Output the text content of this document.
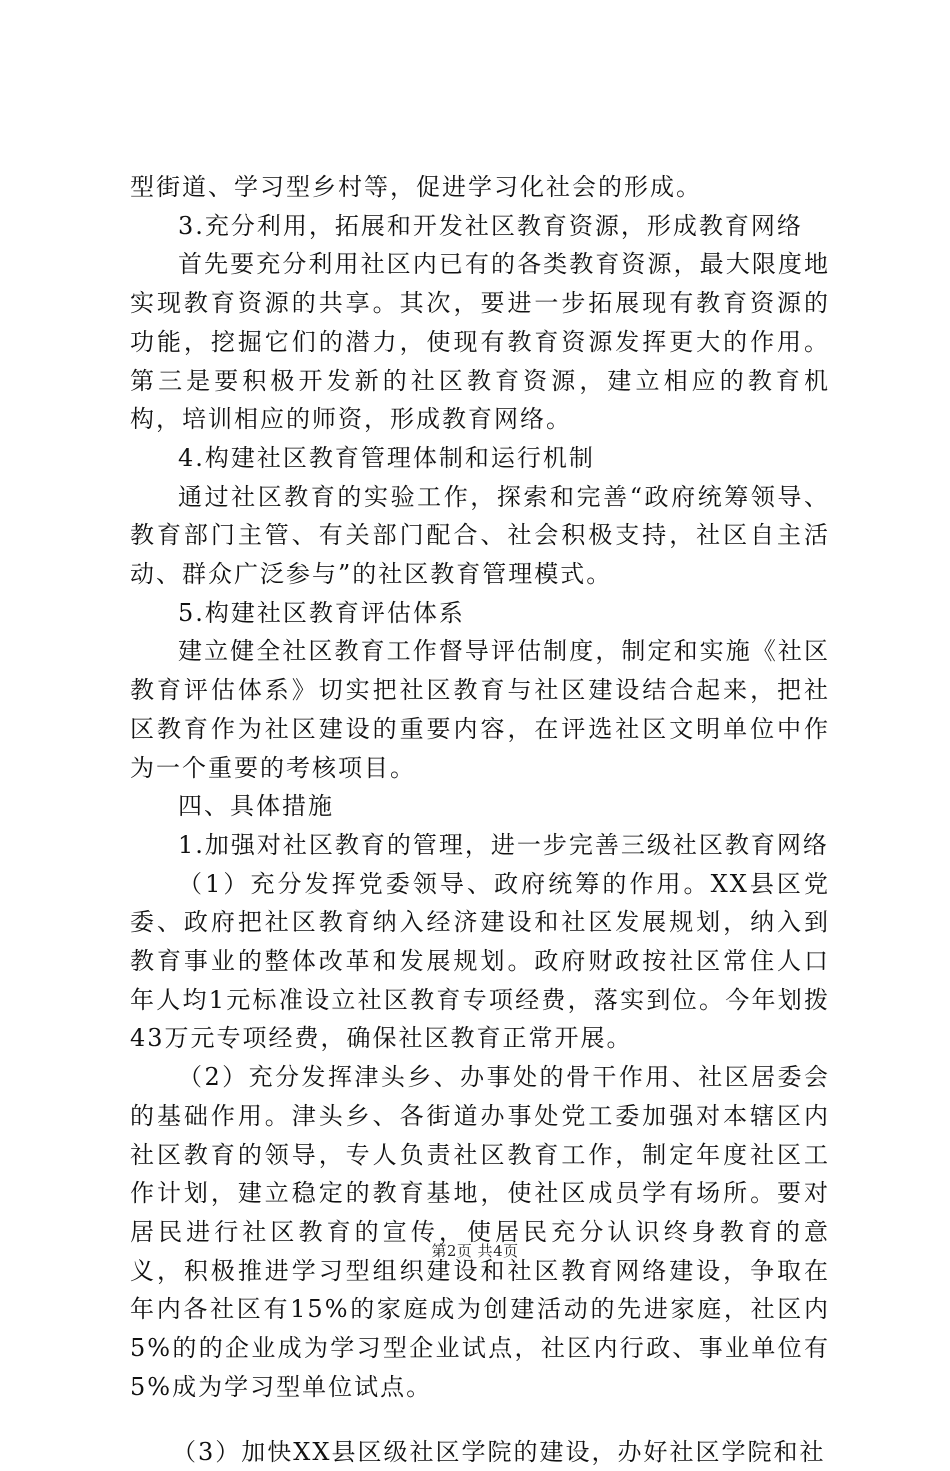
型街道、学习型乡村等，促进学习化社会的形成。

3.充分利用，拓展和开发社区教育资源，形成教育网络

首先要充分利用社区内已有的各类教育资源，最大限度地实现教育资源的共享。其次，要进一步拓展现有教育资源的功能，挖掘它们的潜力，使现有教育资源发挥更大的作用。第三是要积极开发新的社区教育资源，建立相应的教育机构，培训相应的师资，形成教育网络。

4.构建社区教育管理体制和运行机制

通过社区教育的实验工作，探索和完善“政府统筹领导、教育部门主管、有关部门配合、社会积极支持，社区自主活动、群众广泛参与”的社区教育管理模式。

5.构建社区教育评估体系

建立健全社区教育工作督导评估制度，制定和实施《社区教育评估体系》切实把社区教育与社区建设结合起来，把社区教育作为社区建设的重要内容，在评选社区文明单位中作为一个重要的考核项目。

四、具体措施

1.加强对社区教育的管理，进一步完善三级社区教育网络

（1）充分发挥党委领导、政府统筹的作用。XX县区党委、政府把社区教育纳入经济建设和社区发展规划，纳入到教育事业的整体改革和发展规划。政府财政按社区常住人口年人均1元标准设立社区教育专项经费，落实到位。今年划拨43万元专项经费，确保社区教育正常开展。

（2）充分发挥津头乡、办事处的骨干作用、社区居委会的基础作用。津头乡、各街道办事处党工委加强对本辖区内社区教育的领导，专人负责社区教育工作，制定年度社区工作计划，建立稳定的教育基地，使社区成员学有场所。要对居民进行社区教育的宣传，使居民充分认识终身教育的意义，积极推进学习型组织建设和社区教育网络建设，争取在年内各社区有15%的家庭成为创建活动的先进家庭，社区内5%的的企业成为学习型企业试点，社区内行政、事业单位有5%成为学习型单位试点。

（3）加快XX县区级社区学院的建设，办好社区学院和社

第2页 共4页
